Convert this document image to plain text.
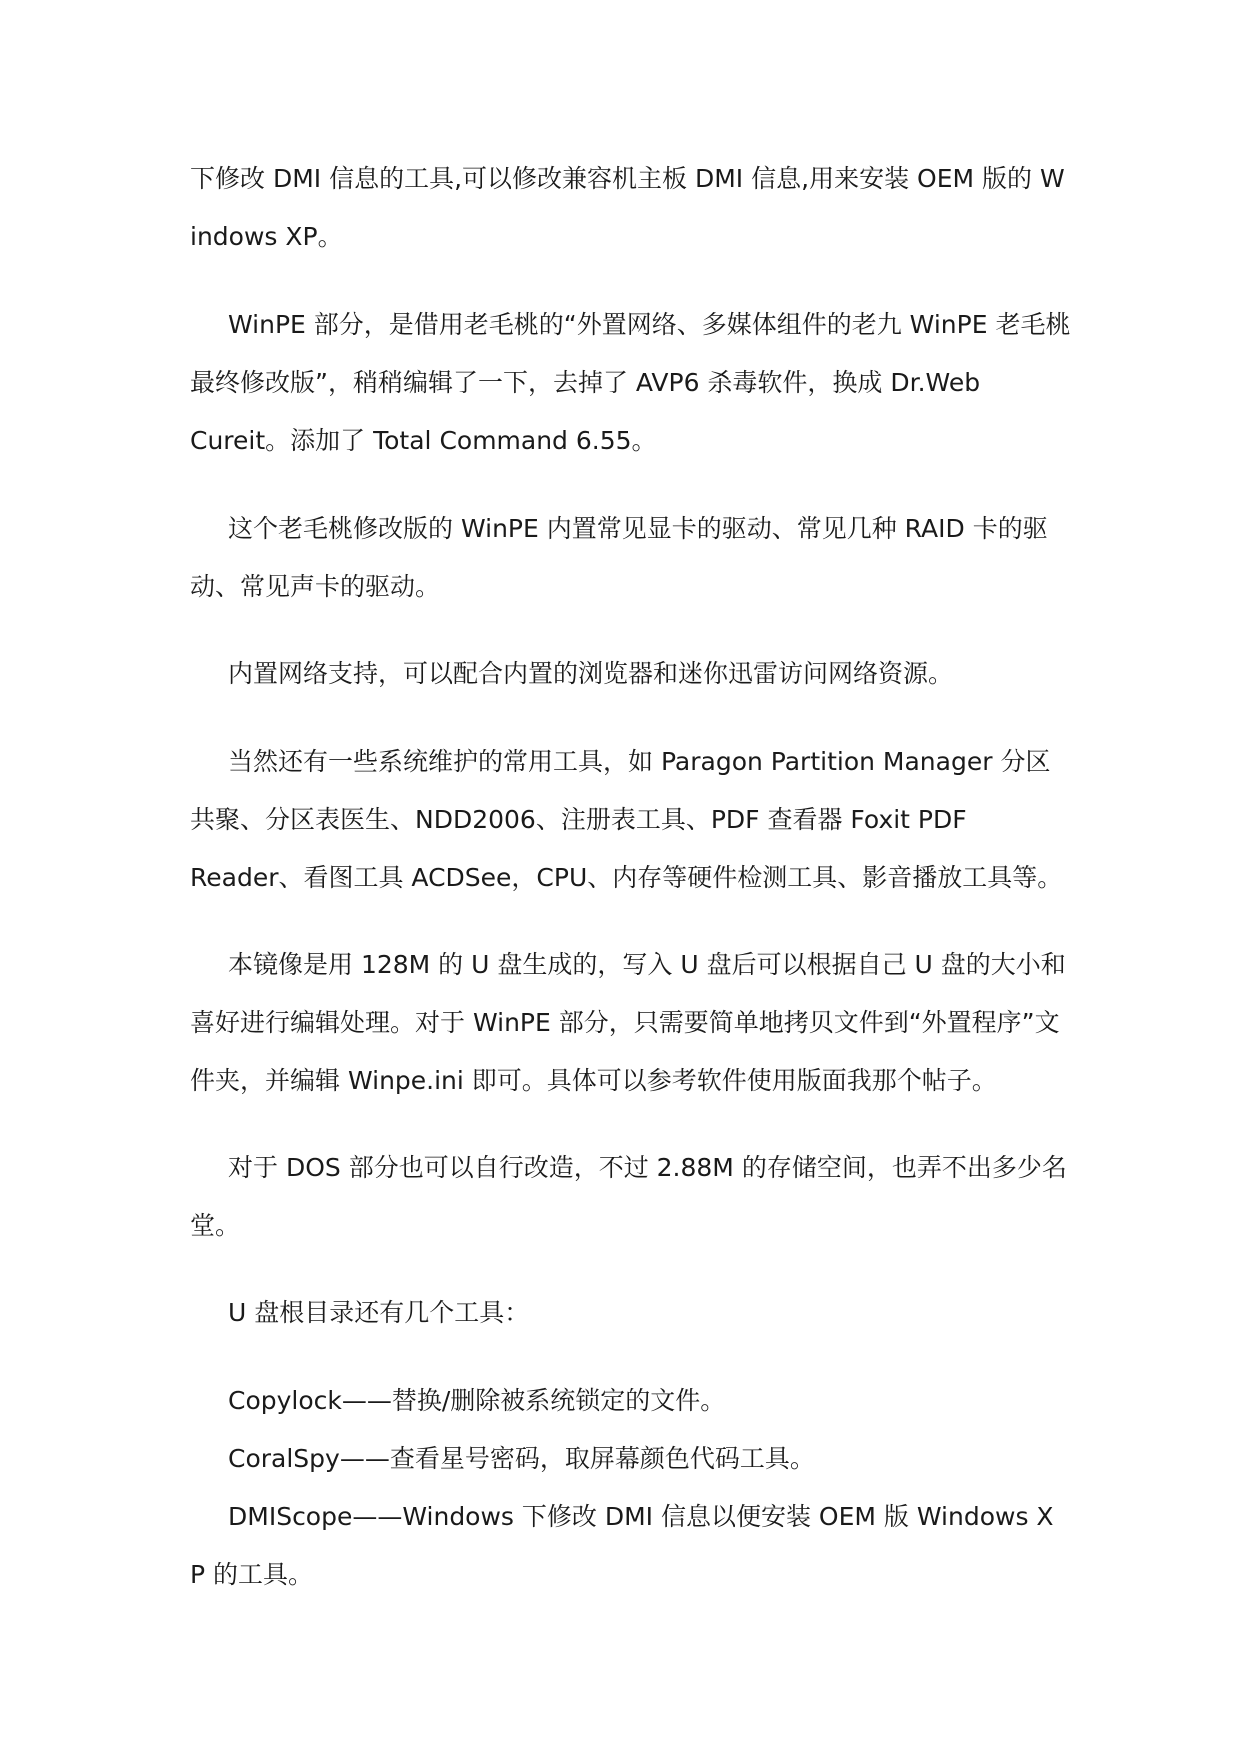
下修改 DMI 信息的工具,可以修改兼容机主板 DMI 信息,用来安装 OEM 版的 W
indows XP。
WinPE 部分，是借用老毛桃的“外置网络、多媒体组件的老九 WinPE 老毛桃
最终修改版”，稍稍编辑了一下，去掉了 AVP6 杀毒软件，换成 Dr.Web
Cureit。添加了 Total Command 6.55。
这个老毛桃修改版的 WinPE 内置常见显卡的驱动、常见几种 RAID 卡的驱
动、常见声卡的驱动。
内置网络支持，可以配合内置的浏览器和迷你迅雷访问网络资源。
当然还有一些系统维护的常用工具，如 Paragon Partition Manager 分区
共聚、分区表医生、NDD2006、注册表工具、PDF 查看器 Foxit PDF
Reader、看图工具 ACDSee，CPU、内存等硬件检测工具、影音播放工具等。
本镜像是用 128M 的 U 盘生成的，写入 U 盘后可以根据自己 U 盘的大小和
喜好进行编辑处理。对于 WinPE 部分，只需要简单地拷贝文件到“外置程序”文
件夹，并编辑 Winpe.ini 即可。具体可以参考软件使用版面我那个帖子。
对于 DOS 部分也可以自行改造，不过 2.88M 的存储空间，也弄不出多少名
堂。
U 盘根目录还有几个工具：
Copylock——替换/删除被系统锁定的文件。
CoralSpy——查看星号密码，取屏幕颜色代码工具。
DMIScope——Windows 下修改 DMI 信息以便安装 OEM 版 Windows X
P 的工具。
